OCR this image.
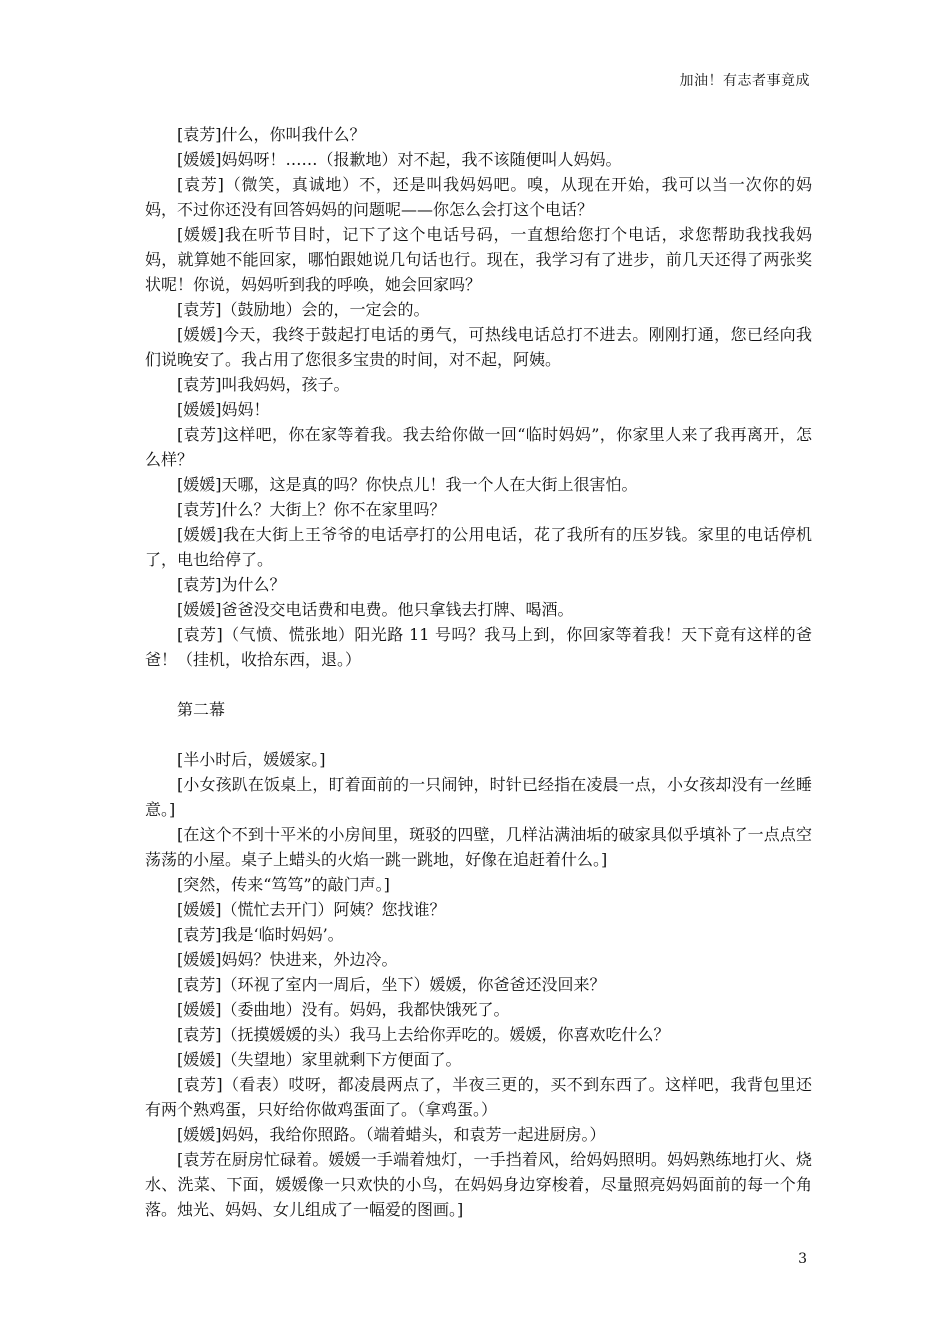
加油！有志者事竟成

[袁芳]什么，你叫我什么？

[媛媛]妈妈呀！……（报歉地）对不起，我不该随便叫人妈妈。

[袁芳]（微笑，真诚地）不，还是叫我妈妈吧。嗅，从现在开始，我可以当一次你的妈妈，不过你还没有回答妈妈的问题呢——你怎么会打这个电话？

[媛媛]我在听节目时，记下了这个电话号码，一直想给您打个电话，求您帮助我找我妈妈，就算她不能回家，哪怕跟她说几句话也行。现在，我学习有了进步，前几天还得了两张奖状呢！你说，妈妈听到我的呼唤，她会回家吗？

[袁芳]（鼓励地）会的，一定会的。

[媛媛]今天，我终于鼓起打电话的勇气，可热线电话总打不进去。刚刚打通，您已经向我们说晚安了。我占用了您很多宝贵的时间，对不起，阿姨。

[袁芳]叫我妈妈，孩子。

[媛媛]妈妈！

[袁芳]这样吧，你在家等着我。我去给你做一回“临时妈妈”，你家里人来了我再离开，怎么样？

[媛媛]天哪，这是真的吗？你快点儿！我一个人在大街上很害怕。

[袁芳]什么？大街上？你不在家里吗？

[媛媛]我在大街上王爷爷的电话亭打的公用电话，花了我所有的压岁钱。家里的电话停机了，电也给停了。

[袁芳]为什么？

[媛媛]爸爸没交电话费和电费。他只拿钱去打牌、喝酒。

[袁芳]（气愤、慌张地）阳光路 11 号吗？我马上到，你回家等着我！天下竟有这样的爸爸！（挂机，收拾东西，退。）

第二幕

[半小时后，媛媛家。]

[小女孩趴在饭桌上，盯着面前的一只闹钟，时针已经指在凌晨一点，小女孩却没有一丝睡意。]

[在这个不到十平米的小房间里，斑驳的四壁，几样沾满油垢的破家具似乎填补了一点点空荡荡的小屋。桌子上蜡头的火焰一跳一跳地，好像在追赶着什么。]

[突然，传来“笃笃”的敲门声。]

[媛媛]（慌忙去开门）阿姨？您找谁？

[袁芳]我是‘临时妈妈’。

[媛媛]妈妈？快进来，外边冷。

[袁芳]（环视了室内一周后，坐下）媛媛，你爸爸还没回来？

[媛媛]（委曲地）没有。妈妈，我都快饿死了。

[袁芳]（抚摸媛媛的头）我马上去给你弄吃的。媛媛，你喜欢吃什么？

[媛媛]（失望地）家里就剩下方便面了。

[袁芳]（看表）哎呀，都凌晨两点了，半夜三更的，买不到东西了。这样吧，我背包里还有两个熟鸡蛋，只好给你做鸡蛋面了。（拿鸡蛋。）

[媛媛]妈妈，我给你照路。（端着蜡头，和袁芳一起进厨房。）

[袁芳在厨房忙碌着。媛媛一手端着烛灯，一手挡着风，给妈妈照明。妈妈熟练地打火、烧水、洗菜、下面，媛媛像一只欢快的小鸟，在妈妈身边穿梭着，尽量照亮妈妈面前的每一个角落。烛光、妈妈、女儿组成了一幅爱的图画。]

3
